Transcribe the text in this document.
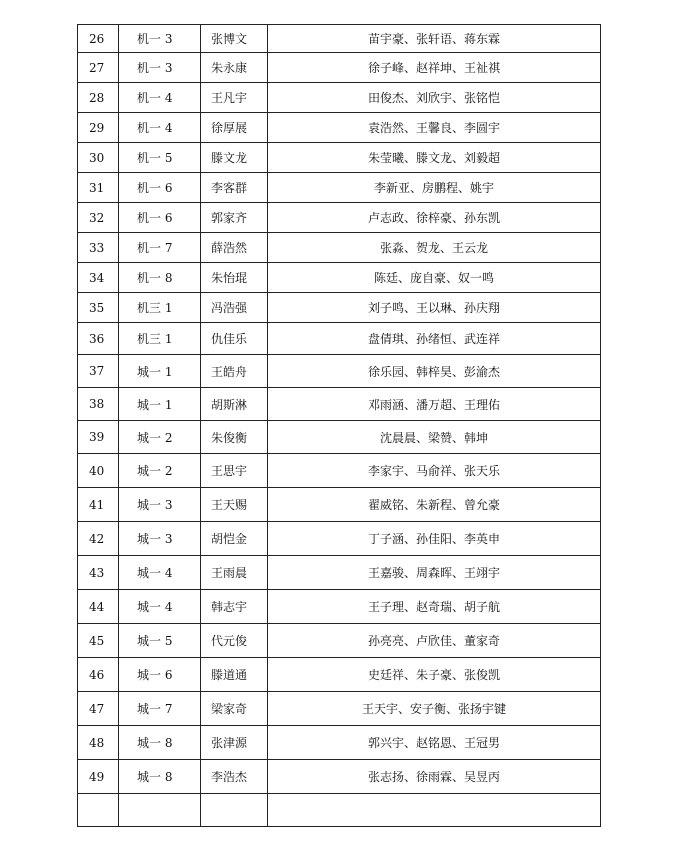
26	机一 3	张博文	苗宇豪、张轩语、蒋东霖
27	机一 3	朱永康	徐子峰、赵祥坤、王祉祺
28	机一 4	王凡宇	田俊杰、刘欣宇、张铭恺
29	机一 4	徐厚展	袁浩然、王馨良、李圆宇
30	机一 5	滕文龙	朱莹曦、滕文龙、刘毅超
31	机一 6	李客群	李新亚、房鹏程、姚宇
32	机一 6	郭家齐	卢志政、徐梓豪、孙东凯
33	机一 7	薛浩然	张淼、贺龙、王云龙
34	机一 8	朱怡琨	陈廷、庞自豪、奴一鸣
35	机三 1	冯浩强	刘子鸣、王以琳、孙庆翔
36	机三 1	仇佳乐	盘倩琪、孙绪恒、武连祥
37	城一 1	王皓舟	徐乐园、韩梓昊、彭渝杰
38	城一 1	胡斯淋	邓雨涵、潘万超、王理佑
39	城一 2	朱俊衡	沈晨晨、梁赞、韩坤
40	城一 2	王思宇	李家宇、马俞祥、张天乐
41	城一 3	王天赐	翟威铭、朱新程、曾允豪
42	城一 3	胡恺金	丁子涵、孙佳阳、李英申
43	城一 4	王雨晨	王嘉骏、周森晖、王翊宇
44	城一 4	韩志宇	王子理、赵奇瑞、胡子航
45	城一 5	代元俊	孙亮亮、卢欣佳、董家奇
46	城一 6	滕道通	史廷祥、朱子豪、张俊凯
47	城一 7	梁家奇	王天宇、安子衡、张扬宇键
48	城一 8	张津源	郭兴宇、赵铭恩、王冠男
49	城一 8	李浩杰	张志扬、徐雨霖、吴昱丙
